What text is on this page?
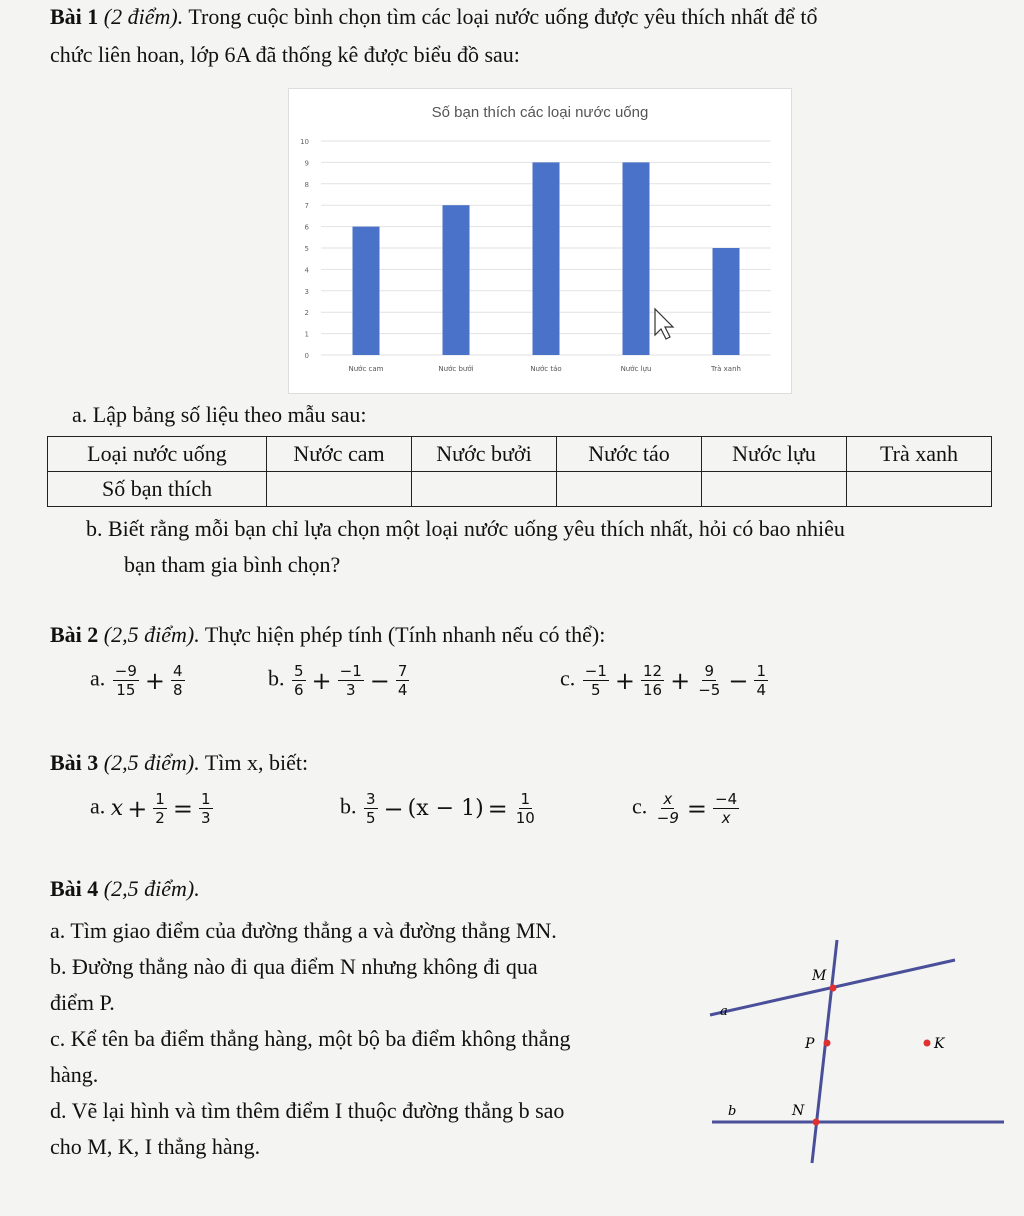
Bài 1 (2 điểm). Trong cuộc bình chọn tìm các loại nước uống được yêu thích nhất để tổ
chức liên hoan, lớp 6A đã thống kê được biểu đồ sau:
Số bạn thích các loại nước uống
0
1
2
3
4
5
6
7
8
9
10
Nước cam	Nước bưởi	Nước táo	Nước lựu	Trà xanh
a. Lập bảng số liệu theo mẫu sau:
Loại nước uống	Nước cam	Nước bưởi	Nước táo	Nước lựu	Trà xanh
Số bạn thích					
b. Biết rằng mỗi bạn chỉ lựa chọn một loại nước uống yêu thích nhất, hỏi có bao nhiêu
bạn tham gia bình chọn?
Bài 2 (2,5 điểm). Thực hiện phép tính (Tính nhanh nếu có thể):
a. $\frac{-9}{15} + \frac{4}{8}$	b. $\frac{5}{6} + \frac{-1}{3} - \frac{7}{4}$	c. $\frac{-1}{5} + \frac{12}{16} + \frac{9}{-5} - \frac{1}{4}$
Bài 3 (2,5 điểm). Tìm x, biết:
a. $x + \frac{1}{2} = \frac{1}{3}$	b. $\frac{3}{5} - (x - 1) = \frac{1}{10}$	c. $\frac{x}{-9} = \frac{-4}{x}$
Bài 4 (2,5 điểm).
a. Tìm giao điểm của đường thẳng a và đường thẳng MN.
b. Đường thẳng nào đi qua điểm N nhưng không đi qua
điểm P.
c. Kể tên ba điểm thẳng hàng, một bộ ba điểm không thẳng
hàng.
d. Vẽ lại hình và tìm thêm điểm I thuộc đường thẳng b sao
cho M, K, I thẳng hàng.
M
a
P	K
b	N
